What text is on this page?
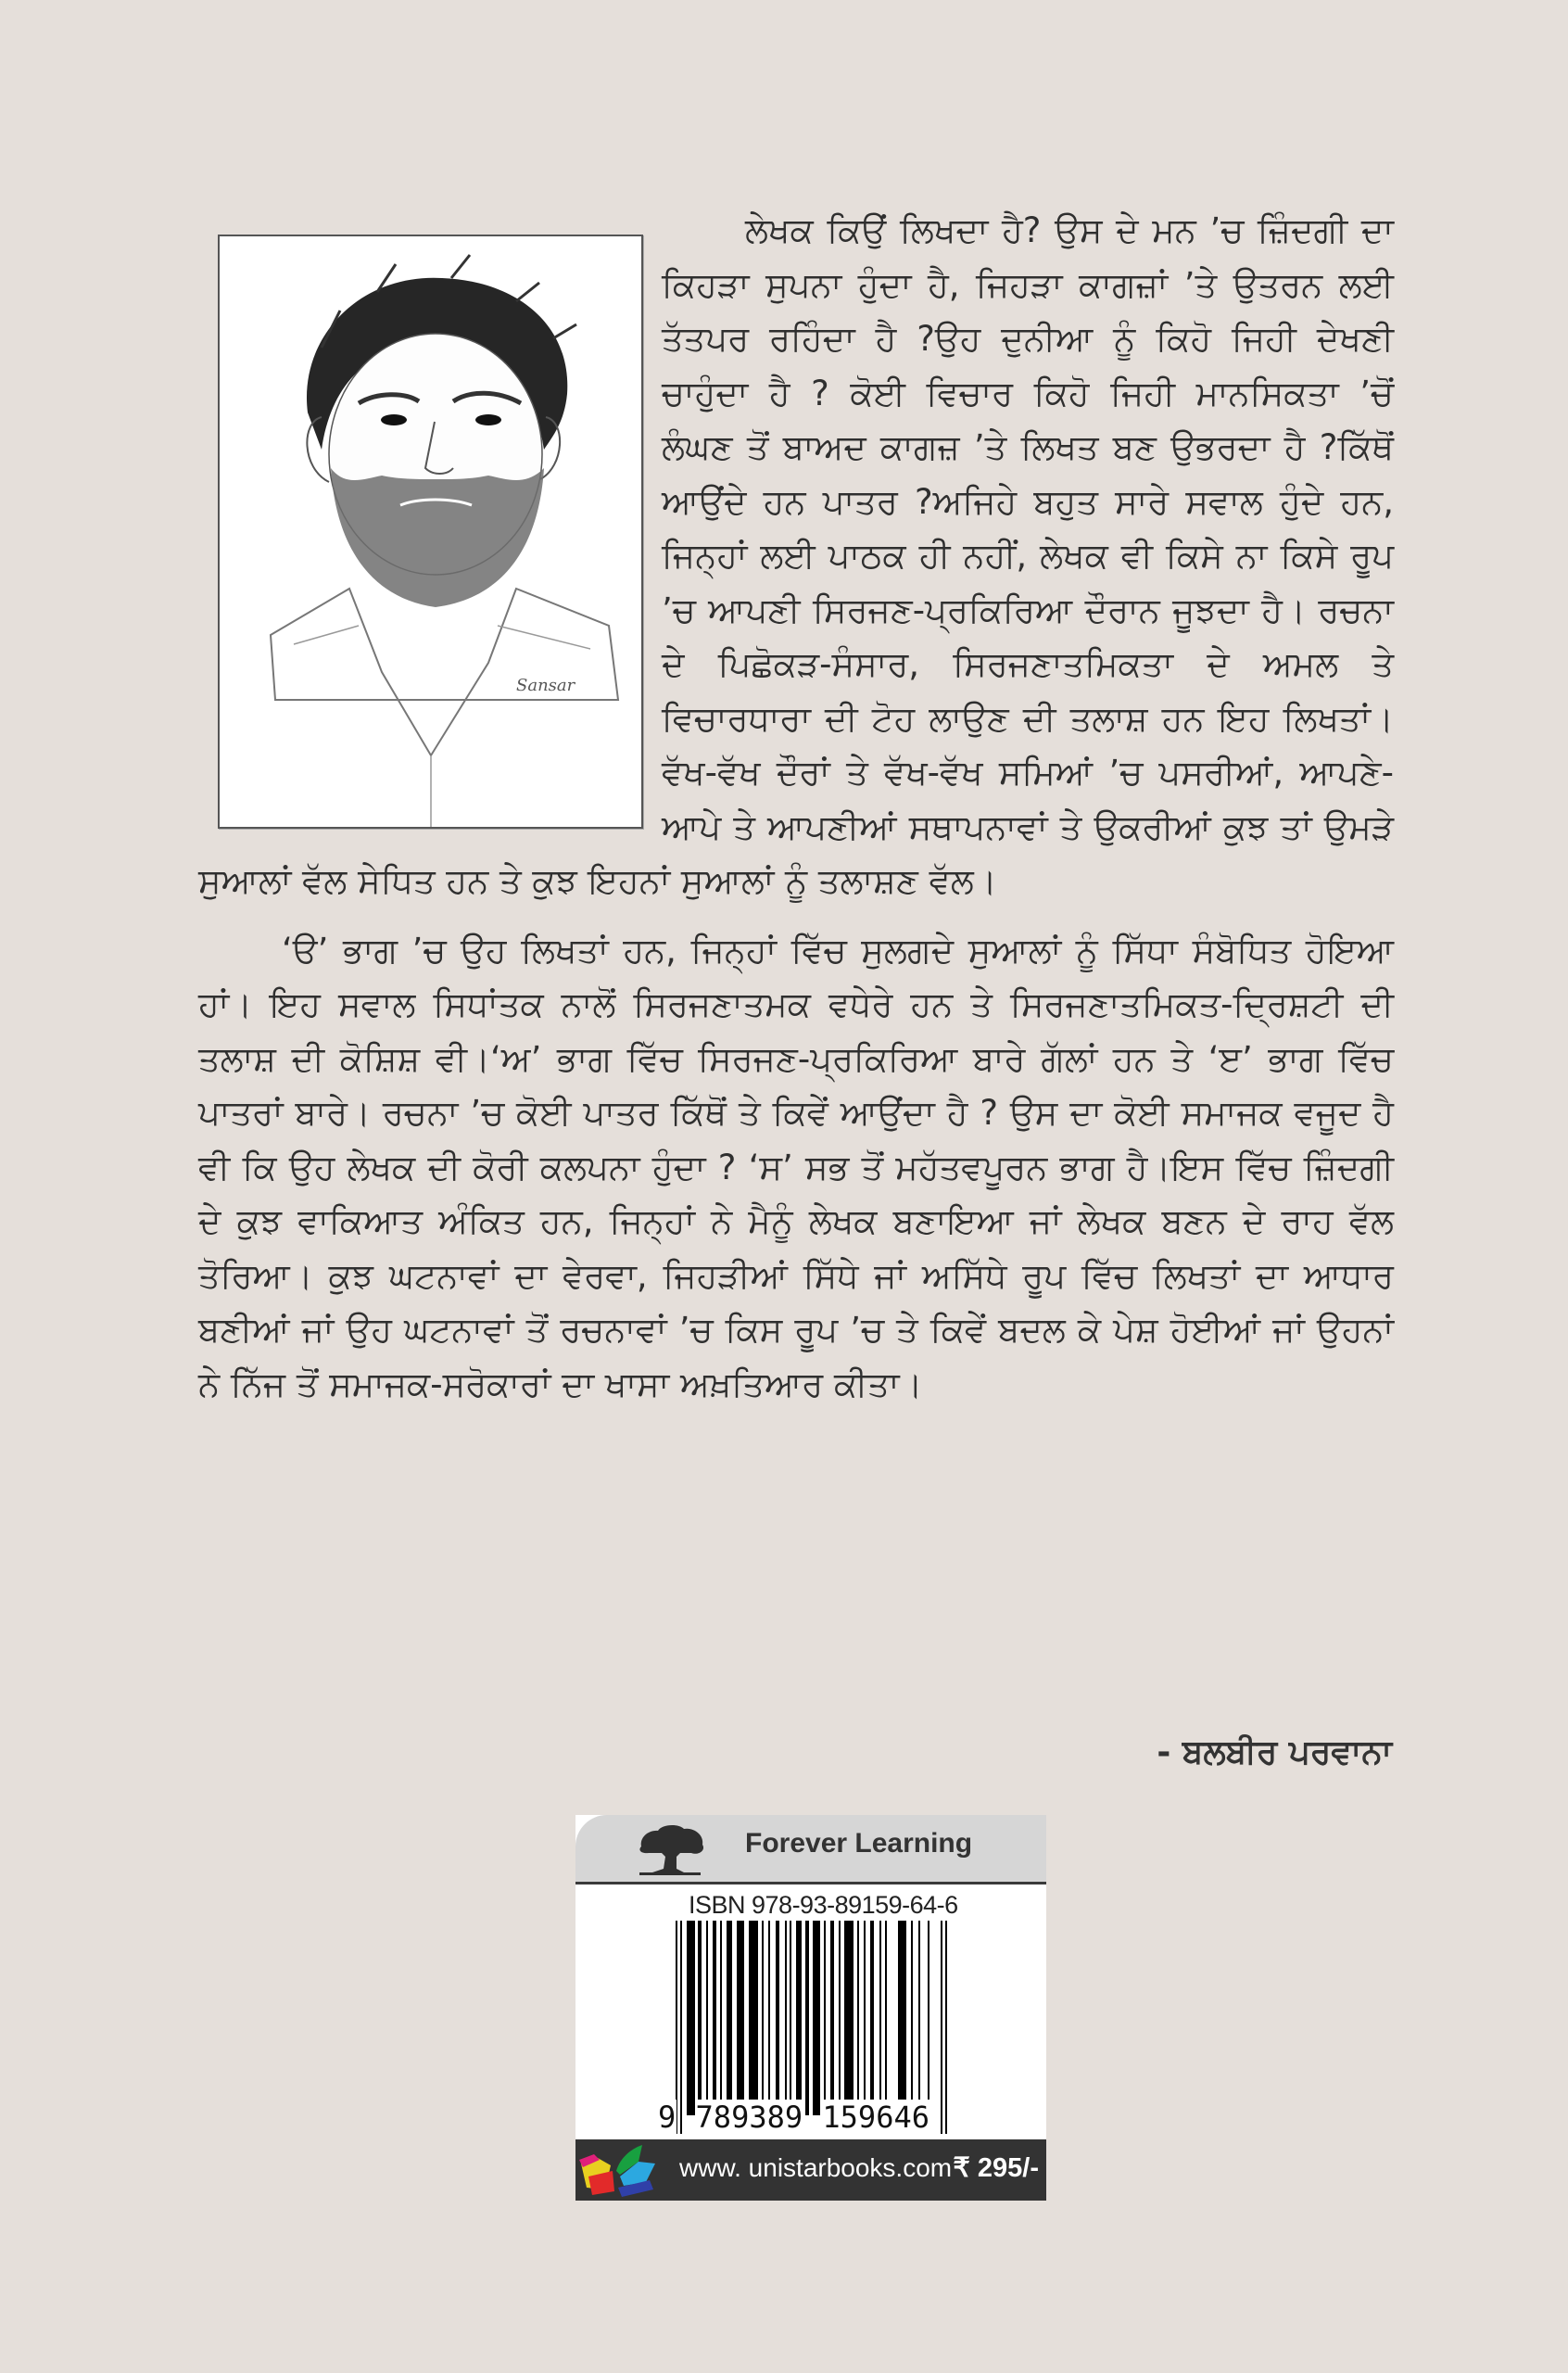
Sansar

ਲੇਖਕ ਕਿਉਂ ਲਿਖਦਾ ਹੈ? ਉਸ ਦੇ ਮਨ ’ਚ ਜ਼ਿੰਦਗੀ ਦਾ ਕਿਹੜਾ ਸੁਪਨਾ ਹੁੰਦਾ ਹੈ, ਜਿਹੜਾ ਕਾਗਜ਼ਾਂ ’ਤੇ ਉਤਰਨ ਲਈ ਤੱਤਪਰ ਰਹਿੰਦਾ ਹੈ ?ਉਹ ਦੁਨੀਆ ਨੂੰ ਕਿਹੋ ਜਿਹੀ ਦੇਖਣੀ ਚਾਹੁੰਦਾ ਹੈ ? ਕੋਈ ਵਿਚਾਰ ਕਿਹੋ ਜਿਹੀ ਮਾਨਸਿਕਤਾ ’ਚੋਂ ਲੰਘਣ ਤੋਂ ਬਾਅਦ ਕਾਗਜ਼ ’ਤੇ ਲਿਖਤ ਬਣ ਉਭਰਦਾ ਹੈ ?ਕਿੱਥੋਂ ਆਉਂਦੇ ਹਨ ਪਾਤਰ ?ਅਜਿਹੇ ਬਹੁਤ ਸਾਰੇ ਸਵਾਲ ਹੁੰਦੇ ਹਨ, ਜਿਨ੍ਹਾਂ ਲਈ ਪਾਠਕ ਹੀ ਨਹੀਂ, ਲੇਖਕ ਵੀ ਕਿਸੇ ਨਾ ਕਿਸੇ ਰੂਪ ’ਚ ਆਪਣੀ ਸਿਰਜਣ-ਪ੍ਰਕਿਰਿਆ ਦੌਰਾਨ ਜੂਝਦਾ ਹੈ। ਰਚਨਾ ਦੇ ਪਿਛੋਕੜ-ਸੰਸਾਰ, ਸਿਰਜਣਾਤਮਿਕਤਾ ਦੇ ਅਮਲ ਤੇ ਵਿਚਾਰਧਾਰਾ ਦੀ ਟੋਹ ਲਾਉਣ ਦੀ ਤਲਾਸ਼ ਹਨ ਇਹ ਲਿਖਤਾਂ।ਵੱਖ-ਵੱਖ ਦੌਰਾਂ ਤੇ ਵੱਖ-ਵੱਖ ਸਮਿਆਂ ’ਚ ਪਸਰੀਆਂ, ਆਪਣੇ-ਆਪੇ ਤੇ ਆਪਣੀਆਂ ਸਥਾਪਨਾਵਾਂ ਤੇ ਉਕਰੀਆਂ ਕੁਝ ਤਾਂ ਉਮੜੇ ਸੁਆਲਾਂ ਵੱਲ ਸੇਧਿਤ ਹਨ ਤੇ ਕੁਝ ਇਹਨਾਂ ਸੁਆਲਾਂ ਨੂੰ ਤਲਾਸ਼ਣ ਵੱਲ।

‘ੳ’ ਭਾਗ ’ਚ ਉਹ ਲਿਖਤਾਂ ਹਨ, ਜਿਨ੍ਹਾਂ ਵਿੱਚ ਸੁਲਗਦੇ ਸੁਆਲਾਂ ਨੂੰ ਸਿੱਧਾ ਸੰਬੋਧਿਤ ਹੋਇਆ ਹਾਂ। ਇਹ ਸਵਾਲ ਸਿਧਾਂਤਕ ਨਾਲੋਂ ਸਿਰਜਣਾਤਮਕ ਵਧੇਰੇ ਹਨ ਤੇ ਸਿਰਜਣਾਤਮਿਕਤ-ਦ੍ਰਿਸ਼ਟੀ ਦੀ ਤਲਾਸ਼ ਦੀ ਕੋਸ਼ਿਸ਼ ਵੀ।‘ਅ’ ਭਾਗ ਵਿੱਚ ਸਿਰਜਣ-ਪ੍ਰਕਿਰਿਆ ਬਾਰੇ ਗੱਲਾਂ ਹਨ ਤੇ ‘ੲ’ ਭਾਗ ਵਿੱਚ ਪਾਤਰਾਂ ਬਾਰੇ। ਰਚਨਾ ’ਚ ਕੋਈ ਪਾਤਰ ਕਿੱਥੋਂ ਤੇ ਕਿਵੇਂ ਆਉਂਦਾ ਹੈ ? ਉਸ ਦਾ ਕੋਈ ਸਮਾਜਕ ਵਜੂਦ ਹੈ ਵੀ ਕਿ ਉਹ ਲੇਖਕ ਦੀ ਕੋਰੀ ਕਲਪਨਾ ਹੁੰਦਾ ? ‘ਸ’ ਸਭ ਤੋਂ ਮਹੱਤਵਪੂਰਨ ਭਾਗ ਹੈ।ਇਸ ਵਿੱਚ ਜ਼ਿੰਦਗੀ ਦੇ ਕੁਝ ਵਾਕਿਆਤ ਅੰਕਿਤ ਹਨ, ਜਿਨ੍ਹਾਂ ਨੇ ਮੈਨੂੰ ਲੇਖਕ ਬਣਾਇਆ ਜਾਂ ਲੇਖਕ ਬਣਨ ਦੇ ਰਾਹ ਵੱਲ ਤੋਰਿਆ। ਕੁਝ ਘਟਨਾਵਾਂ ਦਾ ਵੇਰਵਾ, ਜਿਹੜੀਆਂ ਸਿੱਧੇ ਜਾਂ ਅਸਿੱਧੇ ਰੂਪ ਵਿੱਚ ਲਿਖਤਾਂ ਦਾ ਆਧਾਰ ਬਣੀਆਂ ਜਾਂ ਉਹ ਘਟਨਾਵਾਂ ਤੋਂ ਰਚਨਾਵਾਂ ’ਚ ਕਿਸ ਰੂਪ ’ਚ ਤੇ ਕਿਵੇਂ ਬਦਲ ਕੇ ਪੇਸ਼ ਹੋਈਆਂ ਜਾਂ ਉਹਨਾਂ ਨੇ ਨਿੱਜ ਤੋਂ ਸਮਾਜਕ-ਸਰੋਕਾਰਾਂ ਦਾ ਖਾਸਾ ਅਖ਼ਤਿਆਰ ਕੀਤਾ।

- ਬਲਬੀਰ ਪਰਵਾਨਾ
Forever Learning
ISBN 978-93-89159-64-6
9 789389 159646
www. unistarbooks.com ₹ 295/-
